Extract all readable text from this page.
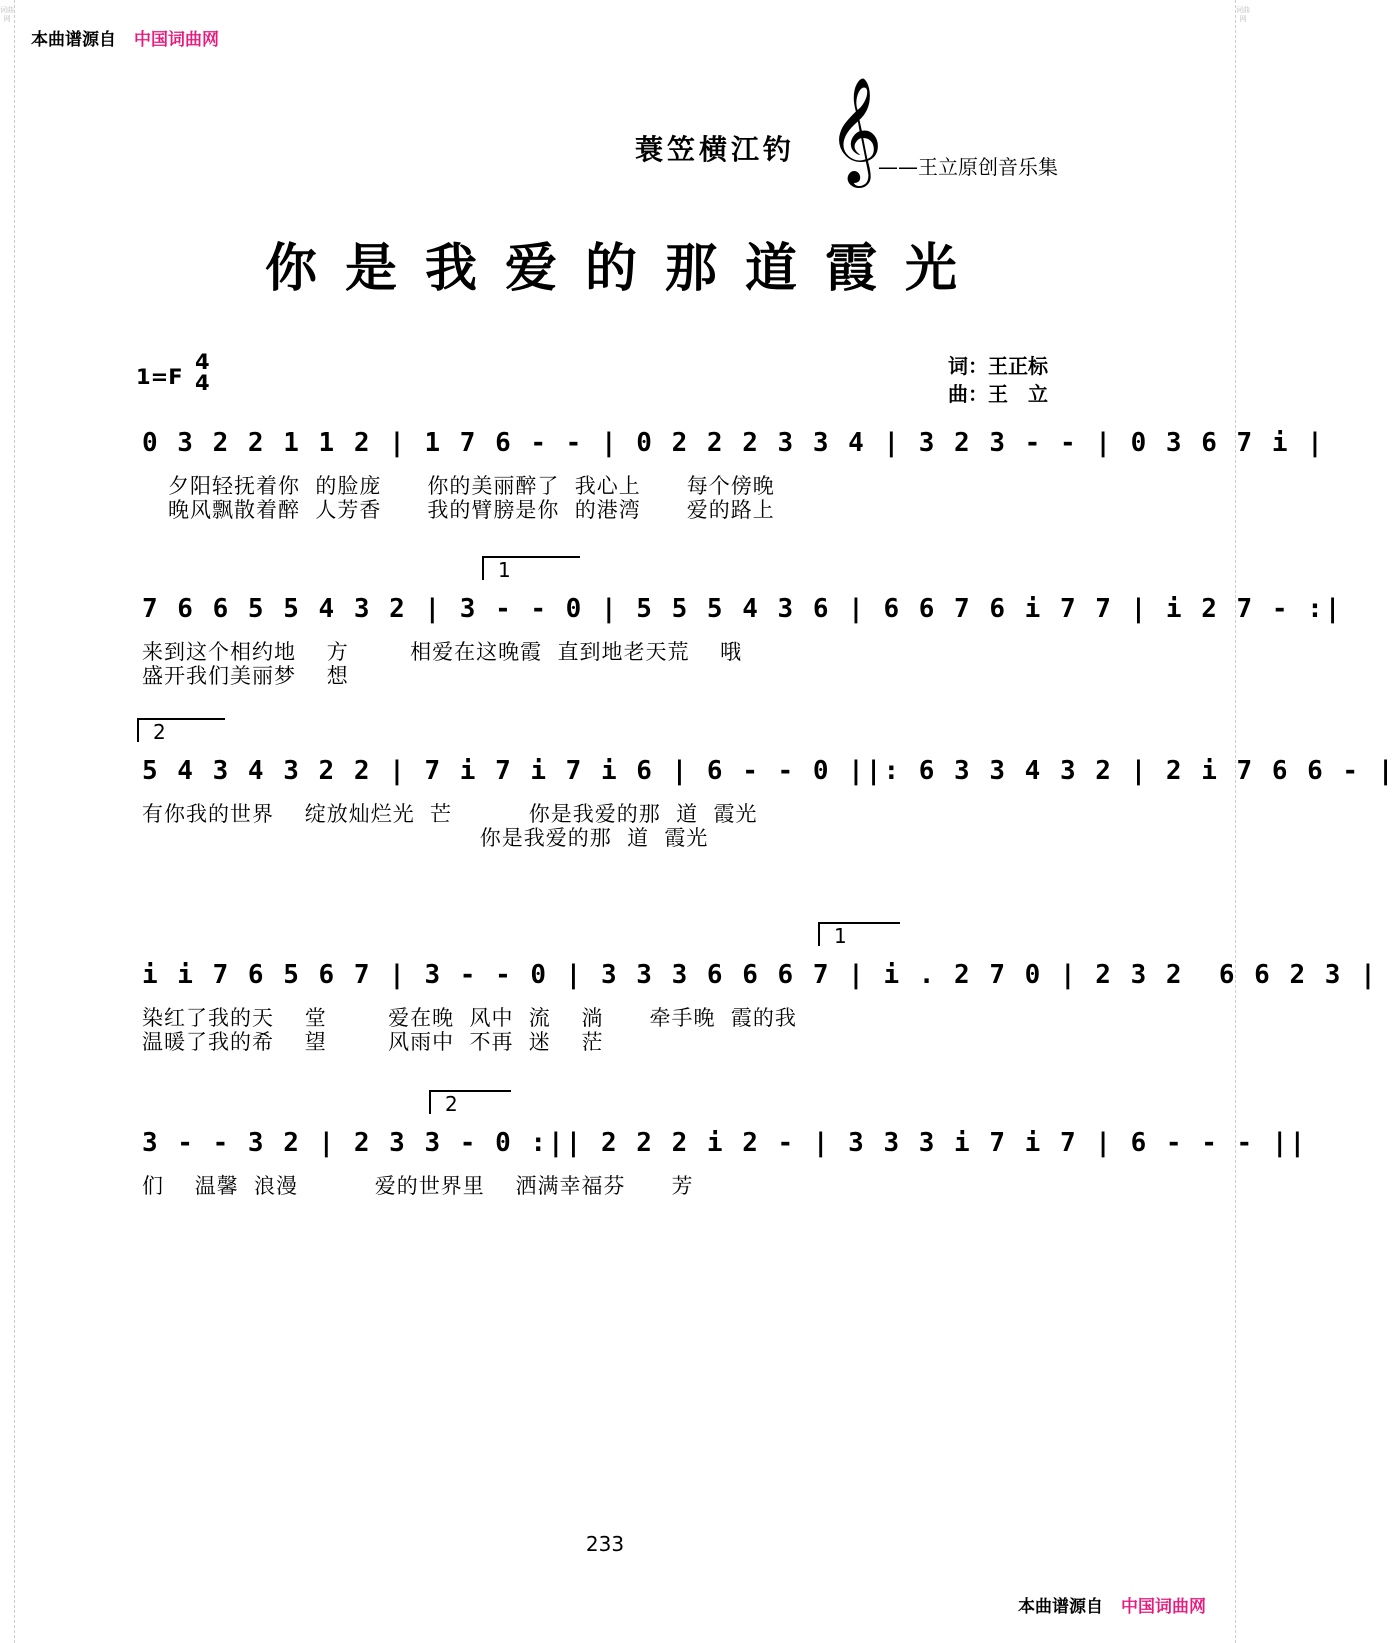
词曲网
词曲网
本曲谱源自 中国词曲网
蓑笠横江钓 𝄞
——王立原创音乐集
你是我爱的那道霞光
1=F
4
4
词：王正标
曲：王　立
0 3 2 2 1 1 2 | 1 7 6 - - | 0 2 2 2 3 3 4 | 3 2 3 - - | 0 3 6 7 i |
夕阳轻抚着你  的脸庞      你的美丽醉了  我心上      每个傍晚
晚风飘散着醉  人芳香      我的臂膀是你  的港湾      爱的路上
1
7 6 6 5 5 4 3 2 | 3 - - 0 | 5 5 5 4 3 6 | 6 6 7 6 i 7 7 | i 2 7 - :|
来到这个相约地    方        相爱在这晚霞  直到地老天荒    哦
盛开我们美丽梦    想
2
5 4 3 4 3 2 2 | 7 i 7 i 7 i 6 | 6 - - 0 ||: 6 3 3 4 3 2 | 2 i 7 6 6 - |
有你我的世界    绽放灿烂光  芒          你是我爱的那  道  霞光
你是我爱的那  道  霞光
1
i i 7 6 5 6 7 | 3 - - 0 | 3 3 3 6 6 6 7 | i . 2 7 0 | 2 3 2  6 6 2 3 |
染红了我的天    堂        爱在晚  风中  流    淌      牵手晚  霞的我
温暖了我的希    望        风雨中  不再  迷    茫
2
3 - - 3 2 | 2 3 3 - 0 :|| 2 2 2 i 2 - | 3 3 3 i 7 i 7 | 6 - - - ||
们    温馨  浪漫          爱的世界里    洒满幸福芬      芳
233
本曲谱源自 中国词曲网
